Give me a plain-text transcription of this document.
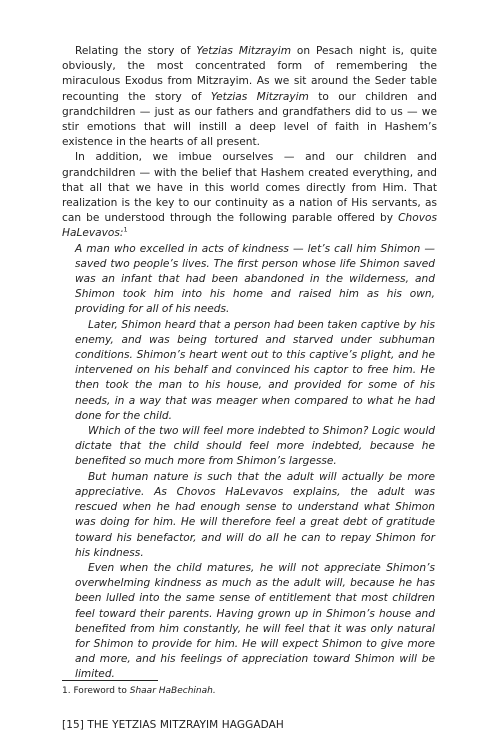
Relating the story of Yetzias Mitzrayim on Pesach night is, quite obviously, the most concentrated form of remembering the miraculous Exodus from Mitzrayim. As we sit around the Seder table recounting the story of Yetzias Mitzrayim to our children and grandchildren — just as our fathers and grandfathers did to us — we stir emotions that will instill a deep level of faith in Hashem’s existence in the hearts of all present.

In addition, we imbue ourselves — and our children and grandchildren — with the belief that Hashem created everything, and that all that we have in this world comes directly from Him. That realization is the key to our continuity as a nation of His servants, as can be understood through the following parable offered by Chovos HaLevavos:$^1$

A man who excelled in acts of kindness — let’s call him Shimon — saved two people’s lives. The first person whose life Shimon saved was an infant that had been abandoned in the wilderness, and Shimon took him into his home and raised him as his own, providing for all of his needs.

Later, Shimon heard that a person had been taken captive by his enemy, and was being tortured and starved under subhuman conditions. Shimon’s heart went out to this captive’s plight, and he intervened on his behalf and convinced his captor to free him. He then took the man to his house, and provided for some of his needs, in a way that was meager when compared to what he had done for the child.

Which of the two will feel more indebted to Shimon? Logic would dictate that the child should feel more indebted, because he benefited so much more from Shimon’s largesse.

But human nature is such that the adult will actually be more appreciative. As Chovos HaLevavos explains, the adult was rescued when he had enough sense to understand what Shimon was doing for him. He will therefore feel a great debt of gratitude toward his benefactor, and will do all he can to repay Shimon for his kindness.

Even when the child matures, he will not appreciate Shimon’s overwhelming kindness as much as the adult will, because he has been lulled into the same sense of entitlement that most children feel toward their parents. Having grown up in Shimon’s house and benefited from him constantly, he will feel that it was only natural for Shimon to provide for him. He will expect Shimon to give more and more, and his feelings of appreciation toward Shimon will be limited.

1. Foreword to Shaar HaBechinah.
[15] THE YETZIAS MITZRAYIM HAGGADAH
